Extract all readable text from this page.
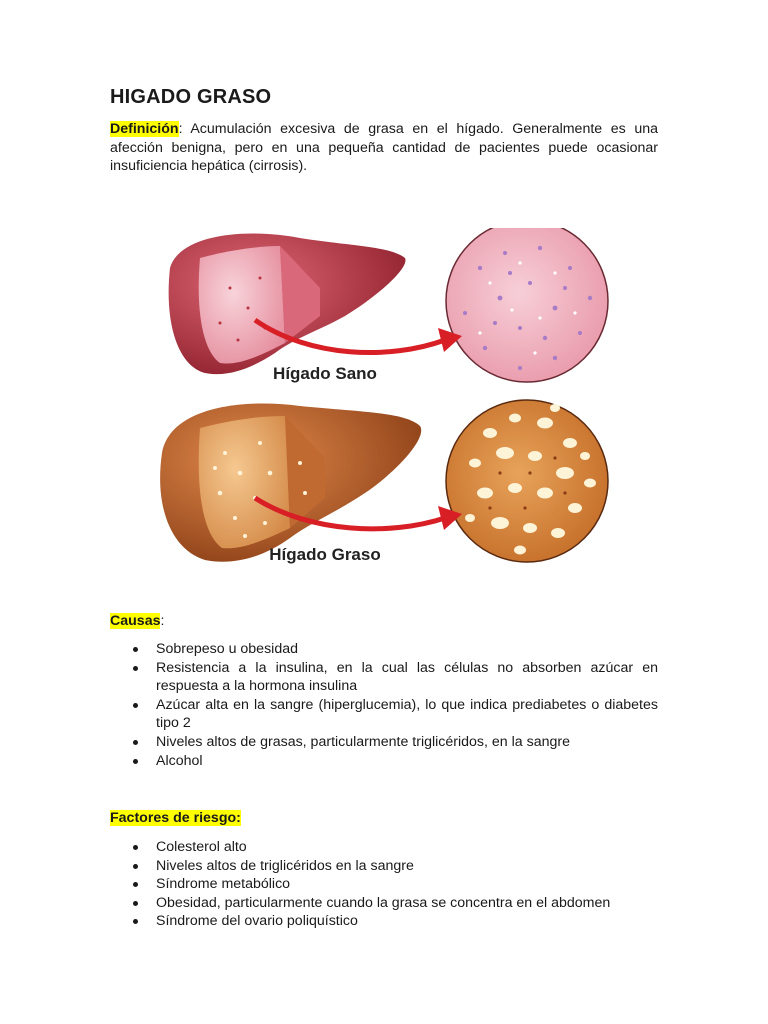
HIGADO GRASO

Definición: Acumulación excesiva de grasa en el hígado. Generalmente es una afección benigna, pero en una pequeña cantidad de pacientes puede ocasionar insuficiencia hepática (cirrosis).

Hígado Sano
Hígado Graso

Causas:

Sobrepeso u obesidad
Resistencia a la insulina, en la cual las células no absorben azúcar en respuesta a la hormona insulina
Azúcar alta en la sangre (hiperglucemia), lo que indica prediabetes o diabetes tipo 2
Niveles altos de grasas, particularmente triglicéridos, en la sangre
Alcohol

Factores de riesgo:

Colesterol alto
Niveles altos de triglicéridos en la sangre
Síndrome metabólico
Obesidad, particularmente cuando la grasa se concentra en el abdomen
Síndrome del ovario poliquístico
